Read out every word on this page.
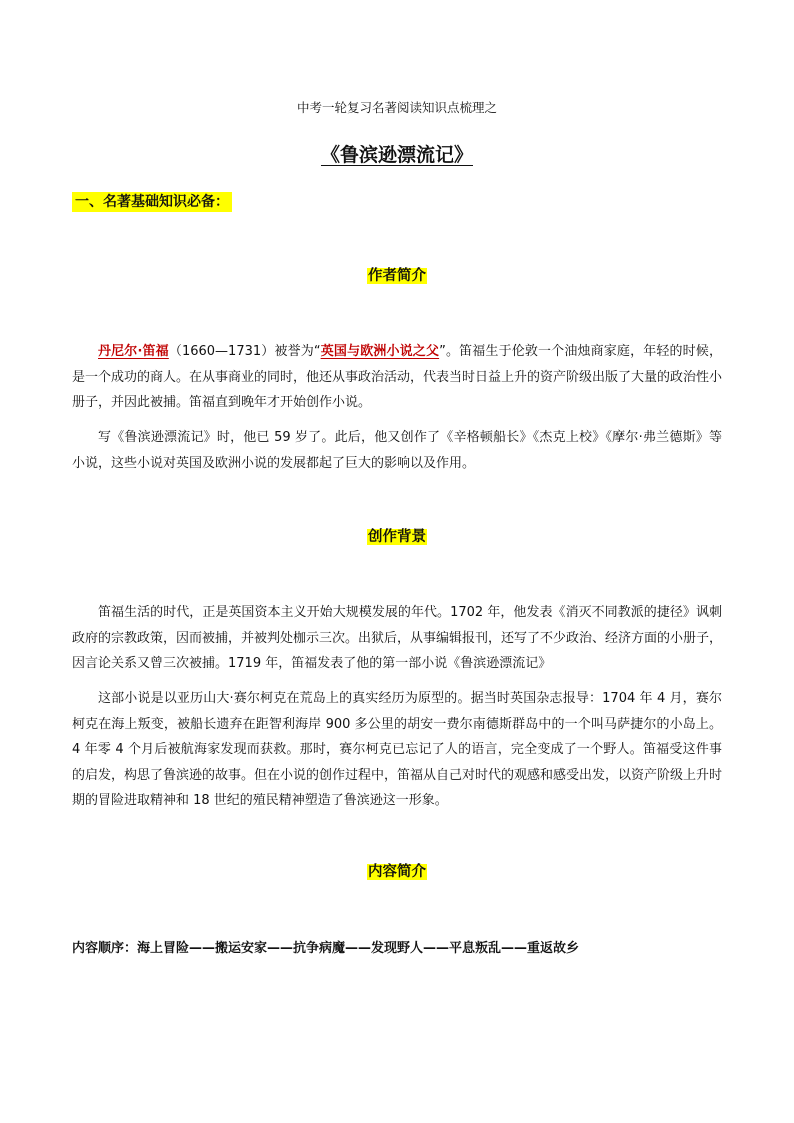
中考一轮复习名著阅读知识点梳理之
《鲁滨逊漂流记》
一、名著基础知识必备：
作者简介

丹尼尔·笛福（1660—1731）被誉为“英国与欧洲小说之父”。笛福生于伦敦一个油烛商家庭，年轻的时候，是一个成功的商人。在从事商业的同时，他还从事政治活动，代表当时日益上升的资产阶级出版了大量的政治性小册子，并因此被捕。笛福直到晚年才开始创作小说。

写《鲁滨逊漂流记》时，他已 59 岁了。此后，他又创作了《辛格顿船长》《杰克上校》《摩尔·弗兰德斯》等小说，这些小说对英国及欧洲小说的发展都起了巨大的影响以及作用。

创作背景

笛福生活的时代，正是英国资本主义开始大规模发展的年代。1702 年，他发表《消灭不同教派的捷径》讽刺政府的宗教政策，因而被捕，并被判处枷示三次。出狱后，从事编辑报刊，还写了不少政治、经济方面的小册子，因言论关系又曾三次被捕。1719 年，笛福发表了他的第一部小说《鲁滨逊漂流记》

这部小说是以亚历山大·赛尔柯克在荒岛上的真实经历为原型的。据当时英国杂志报导：1704 年 4 月，赛尔柯克在海上叛变，被船长遗弃在距智利海岸 900 多公里的胡安一费尔南德斯群岛中的一个叫马萨捷尔的小岛上。4 年零 4 个月后被航海家发现而获救。那时，赛尔柯克已忘记了人的语言，完全变成了一个野人。笛福受这件事的启发，构思了鲁滨逊的故事。但在小说的创作过程中，笛福从自己对时代的观感和感受出发，以资产阶级上升时期的冒险进取精神和 18 世纪的殖民精神塑造了鲁滨逊这一形象。

内容简介
内容顺序：海上冒险——搬运安家——抗争病魔——发现野人——平息叛乱——重返故乡
